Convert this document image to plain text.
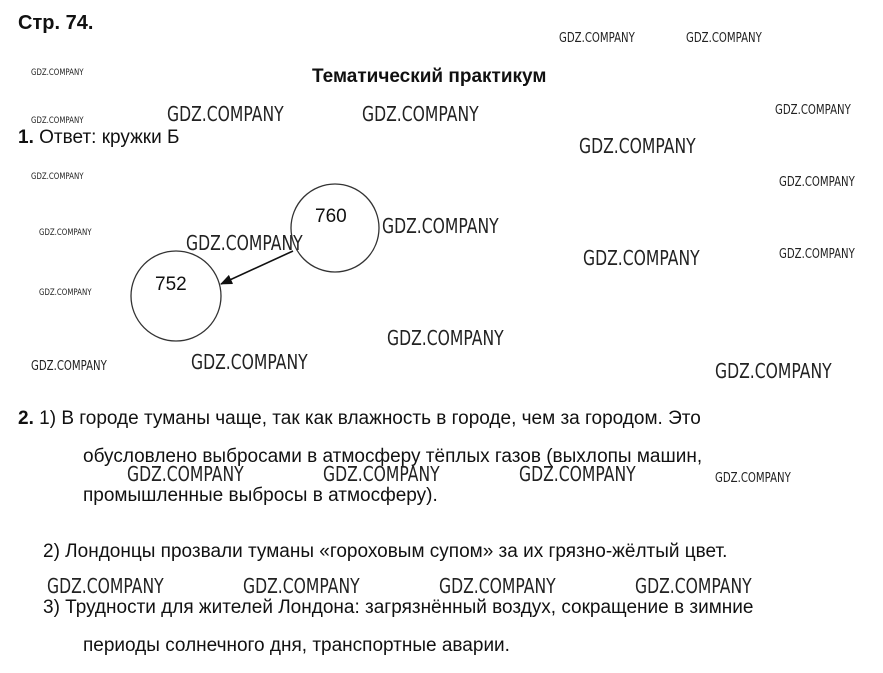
Стр. 74.
Тематический практикум
1. Ответ: кружки Б
760
752
2. 1) В городе туманы чаще, так как влажность в городе, чем за городом. Это
обусловлено выбросами в атмосферу тёплых газов (выхлопы машин,
промышленные выбросы в атмосферу).
2) Лондонцы прозвали туманы «гороховым супом» за их грязно-жёлтый цвет.
3) Трудности для жителей Лондона: загрязнённый воздух, сокращение в зимние
периоды солнечного дня, транспортные аварии.
GDZ.COMPANY	GDZ.COMPANY
GDZ.COMPANY
GDZ.COMPANY	GDZ.COMPANY	GDZ.COMPANY
GDZ.COMPANY
GDZ.COMPANY
GDZ.COMPANY	GDZ.COMPANY
GDZ.COMPANY
GDZ.COMPANY	GDZ.COMPANY
GDZ.COMPANY	GDZ.COMPANY
GDZ.COMPANY
GDZ.COMPANY
GDZ.COMPANY
GDZ.COMPANY	GDZ.COMPANY
GDZ.COMPANY	GDZ.COMPANY	GDZ.COMPANY	GDZ.COMPANY
GDZ.COMPANY	GDZ.COMPANY	GDZ.COMPANY	GDZ.COMPANY
